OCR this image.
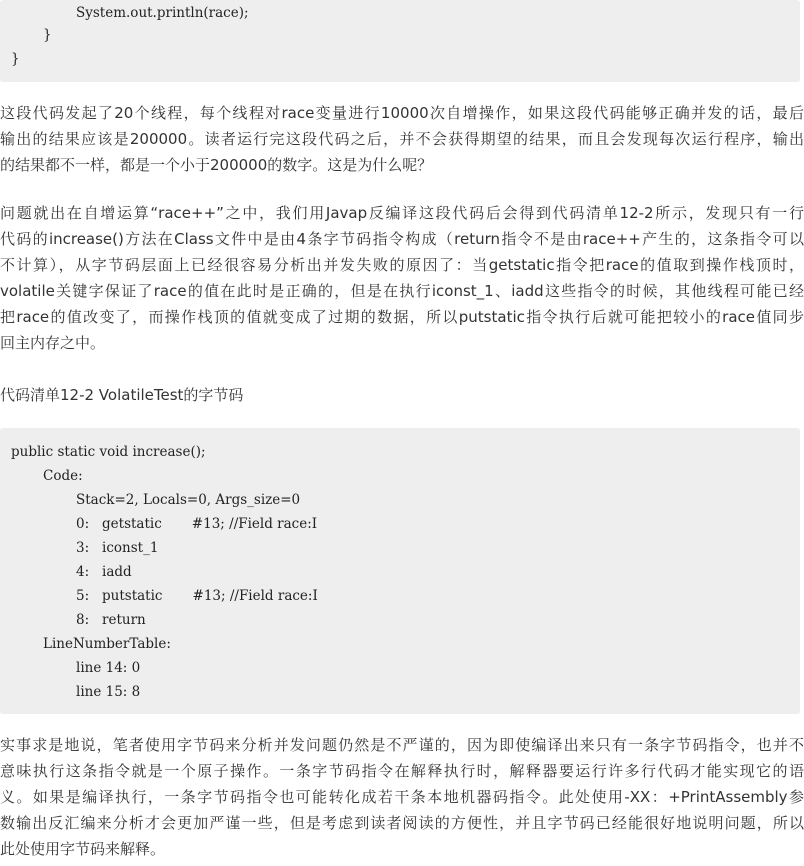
System.out.println(race);
}
}
这段代码发起了20个线程，每个线程对race变量进行10000次自增操作，如果这段代码能够正确并发的话，最后
输出的结果应该是200000。读者运行完这段代码之后，并不会获得期望的结果，而且会发现每次运行程序，输出
的结果都不一样，都是一个小于200000的数字。这是为什么呢？
问题就出在自增运算“race++”之中，我们用Javap反编译这段代码后会得到代码清单12-2所示，发现只有一行
代码的increase()方法在Class文件中是由4条字节码指令构成（return指令不是由race++产生的，这条指令可以
不计算），从字节码层面上已经很容易分析出并发失败的原因了：当getstatic指令把race的值取到操作栈顶时，
volatile关键字保证了race的值在此时是正确的，但是在执行iconst_1、iadd这些指令的时候，其他线程可能已经
把race的值改变了，而操作栈顶的值就变成了过期的数据，所以putstatic指令执行后就可能把较小的race值同步
回主内存之中。
代码清单12-2 VolatileTest的字节码
public static void increase();
Code:
Stack=2, Locals=0, Args_size=0
0:   getstatic       #13; //Field race:I
3:   iconst_1
4:   iadd
5:   putstatic       #13; //Field race:I
8:   return
LineNumberTable:
line 14: 0
line 15: 8
实事求是地说，笔者使用字节码来分析并发问题仍然是不严谨的，因为即使编译出来只有一条字节码指令，也并不
意味执行这条指令就是一个原子操作。一条字节码指令在解释执行时，解释器要运行许多行代码才能实现它的语
义。如果是编译执行，一条字节码指令也可能转化成若干条本地机器码指令。此处使用-XX：+PrintAssembly参
数输出反汇编来分析才会更加严谨一些，但是考虑到读者阅读的方便性，并且字节码已经能很好地说明问题，所以
此处使用字节码来解释。
